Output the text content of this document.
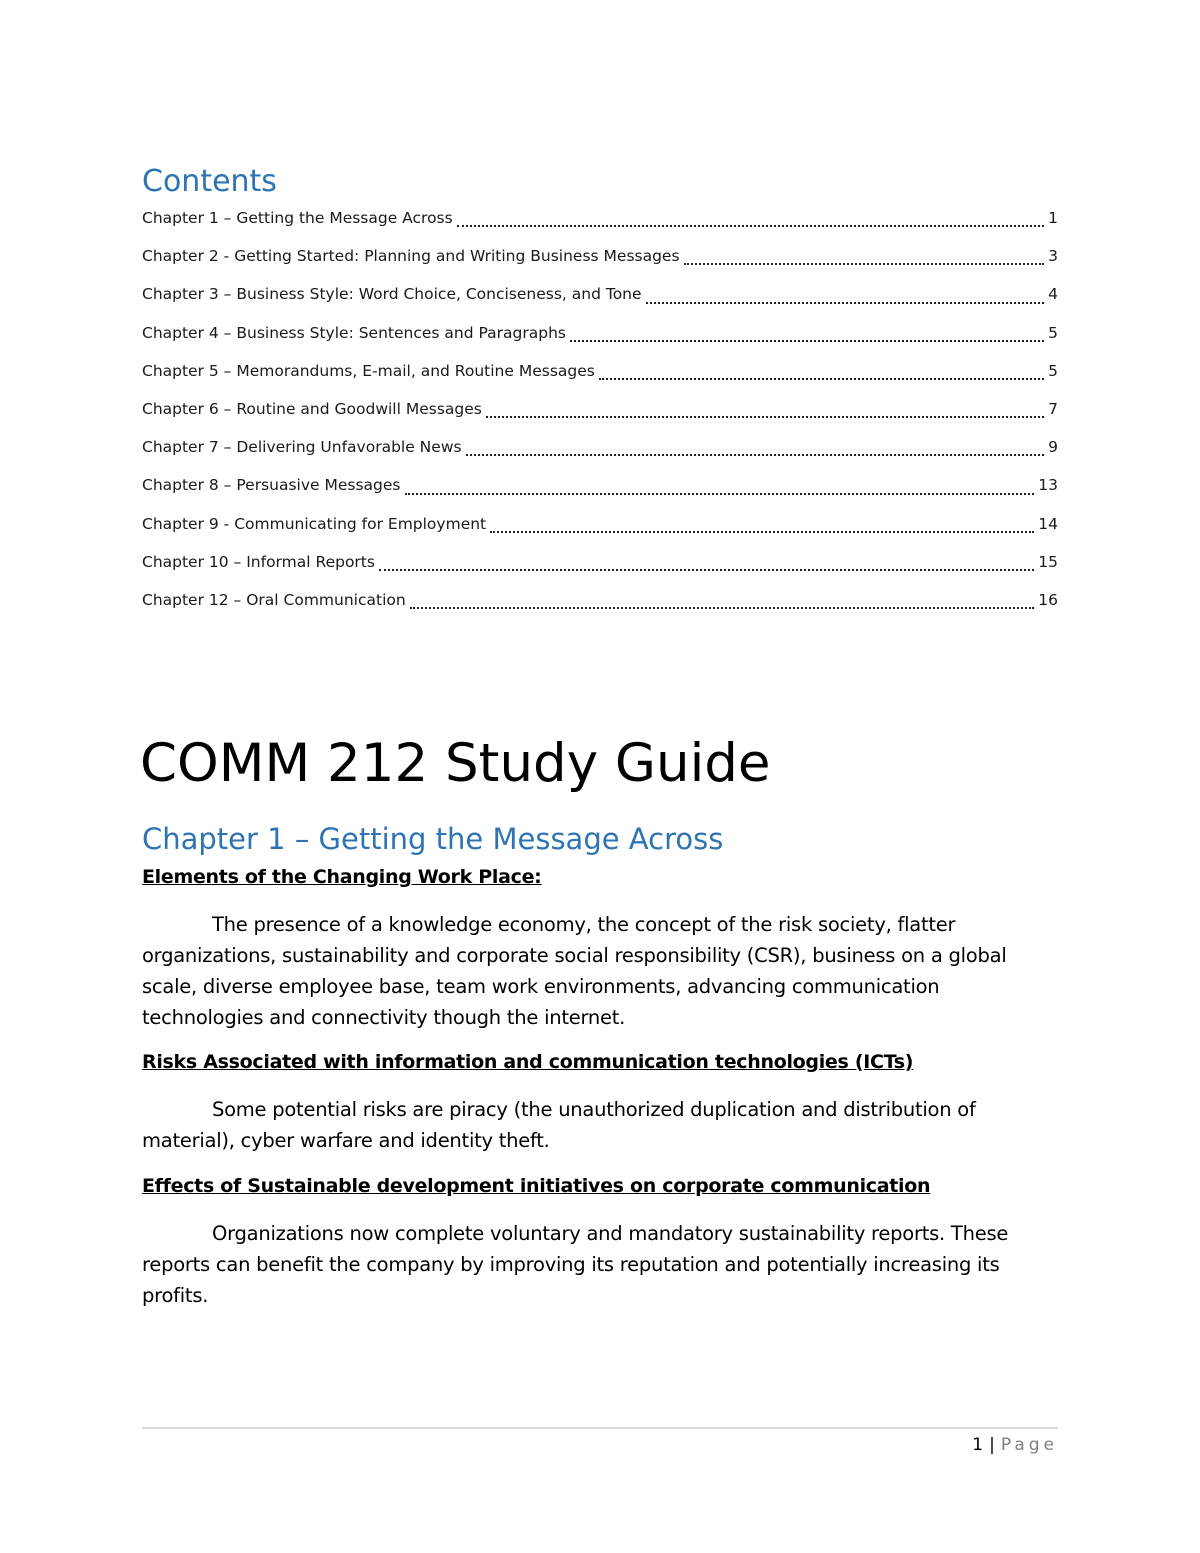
Contents
Chapter 1 – Getting the Message Across	1
Chapter 2 - Getting Started: Planning and Writing Business Messages	3
Chapter 3 – Business Style: Word Choice, Conciseness, and Tone	4
Chapter 4 – Business Style: Sentences and Paragraphs	5
Chapter 5 – Memorandums, E-mail, and Routine Messages	5
Chapter 6 – Routine and Goodwill Messages	7
Chapter 7 – Delivering Unfavorable News	9
Chapter 8 – Persuasive Messages	13
Chapter 9 - Communicating for Employment	14
Chapter 10 – Informal Reports	15
Chapter 12 – Oral Communication	16
COMM 212 Study Guide
Chapter 1 – Getting the Message Across

Elements of the Changing Work Place:

The presence of a knowledge economy, the concept of the risk society, flatter organizations, sustainability and corporate social responsibility (CSR), business on a global scale, diverse employee base, team work environments, advancing communication technologies and connectivity though the internet.

Risks Associated with information and communication technologies (ICTs)

Some potential risks are piracy (the unauthorized duplication and distribution of material), cyber warfare and identity theft.

Effects of Sustainable development initiatives on corporate communication

Organizations now complete voluntary and mandatory sustainability reports. These reports can benefit the company by improving its reputation and potentially increasing its profits.

1 | Page
